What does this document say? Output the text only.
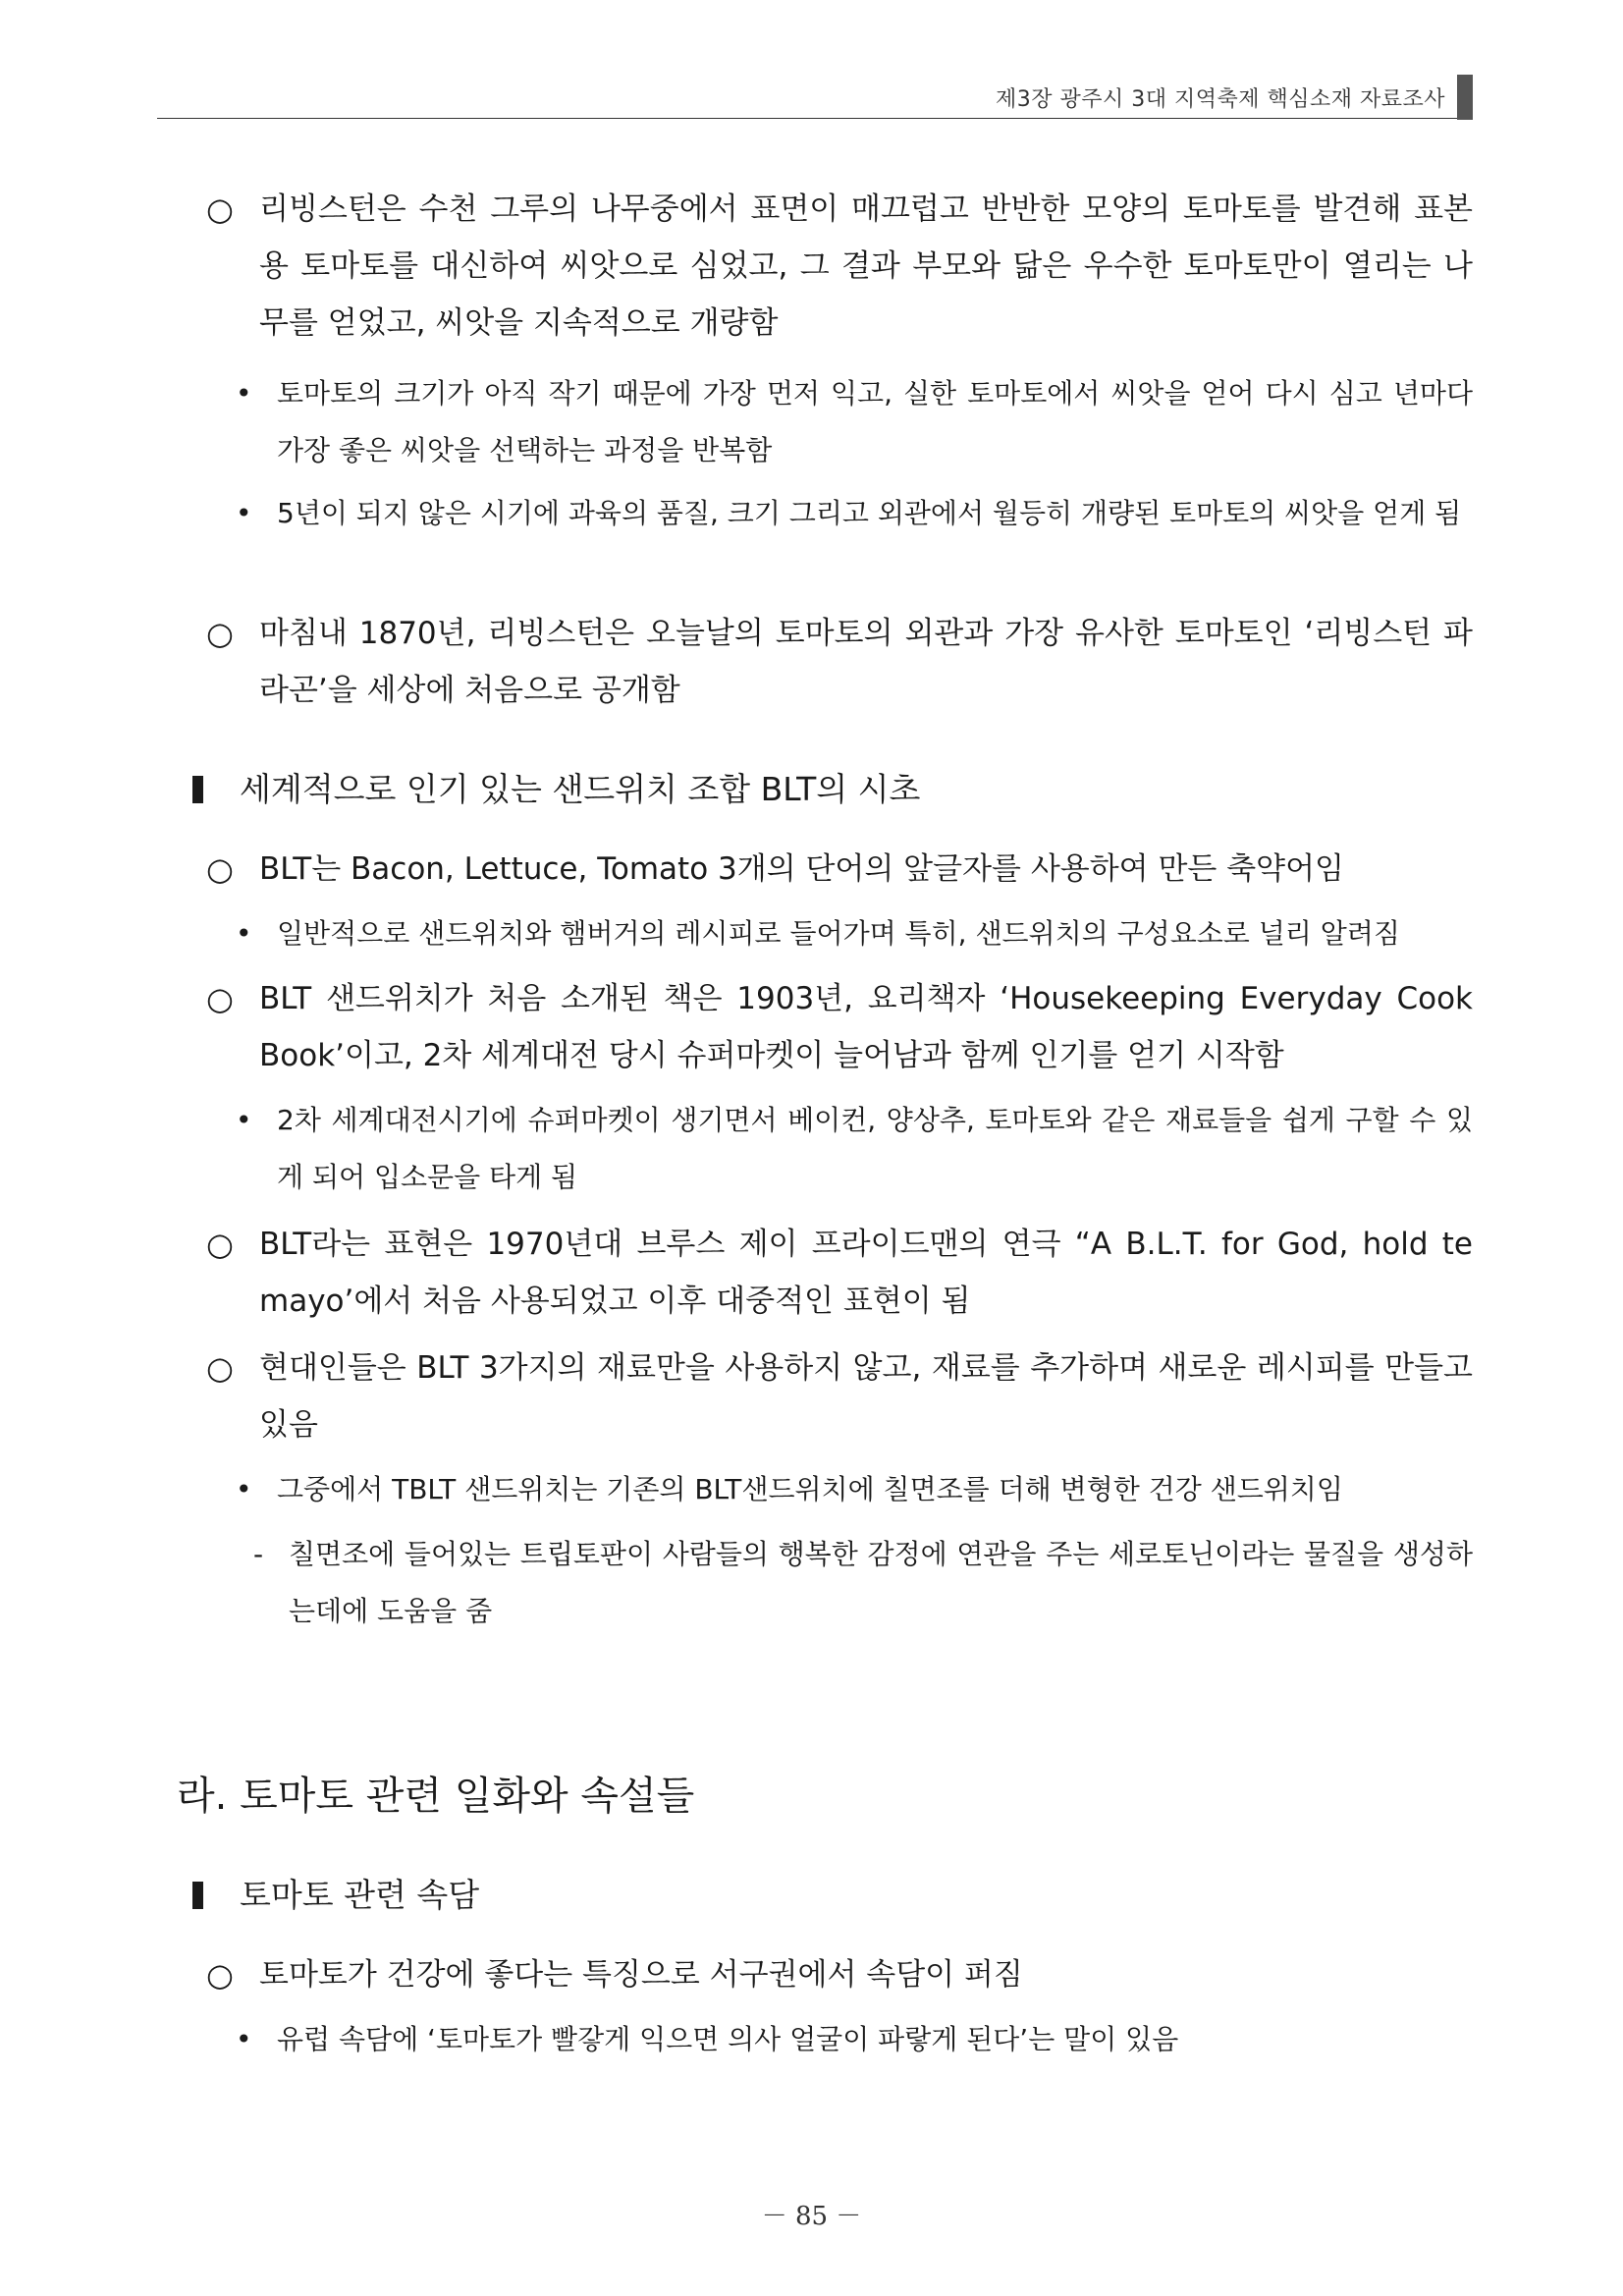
제3장 광주시 3대 지역축제 핵심소재 자료조사
○ 리빙스턴은 수천 그루의 나무중에서 표면이 매끄럽고 반반한 모양의 토마토를 발견해 표본용 토마토를 대신하여 씨앗으로 심었고, 그 결과 부모와 닮은 우수한 토마토만이 열리는 나무를 얻었고, 씨앗을 지속적으로 개량함
• 토마토의 크기가 아직 작기 때문에 가장 먼저 익고, 실한 토마토에서 씨앗을 얻어 다시 심고 년마다 가장 좋은 씨앗을 선택하는 과정을 반복함
• 5년이 되지 않은 시기에 과육의 품질, 크기 그리고 외관에서 월등히 개량된 토마토의 씨앗을 얻게 됨
○ 마침내 1870년, 리빙스턴은 오늘날의 토마토의 외관과 가장 유사한 토마토인 ‘리빙스턴 파라곤’을 세상에 처음으로 공개함
세계적으로 인기 있는 샌드위치 조합 BLT의 시초
○ BLT는 Bacon, Lettuce, Tomato 3개의 단어의 앞글자를 사용하여 만든 축약어임
• 일반적으로 샌드위치와 햄버거의 레시피로 들어가며 특히, 샌드위치의 구성요소로 널리 알려짐
○ BLT 샌드위치가 처음 소개된 책은 1903년, 요리책자 ‘Housekeeping Everyday Cook Book’이고, 2차 세계대전 당시 슈퍼마켓이 늘어남과 함께 인기를 얻기 시작함
• 2차 세계대전시기에 슈퍼마켓이 생기면서 베이컨, 양상추, 토마토와 같은 재료들을 쉽게 구할 수 있게 되어 입소문을 타게 됨
○ BLT라는 표현은 1970년대 브루스 제이 프라이드맨의 연극 “A B.L.T. for God, hold te mayo’에서 처음 사용되었고 이후 대중적인 표현이 됨
○ 현대인들은 BLT 3가지의 재료만을 사용하지 않고, 재료를 추가하며 새로운 레시피를 만들고 있음
• 그중에서 TBLT 샌드위치는 기존의 BLT샌드위치에 칠면조를 더해 변형한 건강 샌드위치임
- 칠면조에 들어있는 트립토판이 사람들의 행복한 감정에 연관을 주는 세로토닌이라는 물질을 생성하는데에 도움을 줌
라. 토마토 관련 일화와 속설들
토마토 관련 속담
○ 토마토가 건강에 좋다는 특징으로 서구권에서 속담이 퍼짐
• 유럽 속담에 ‘토마토가 빨갛게 익으면 의사 얼굴이 파랗게 된다’는 말이 있음
－ 85 －
